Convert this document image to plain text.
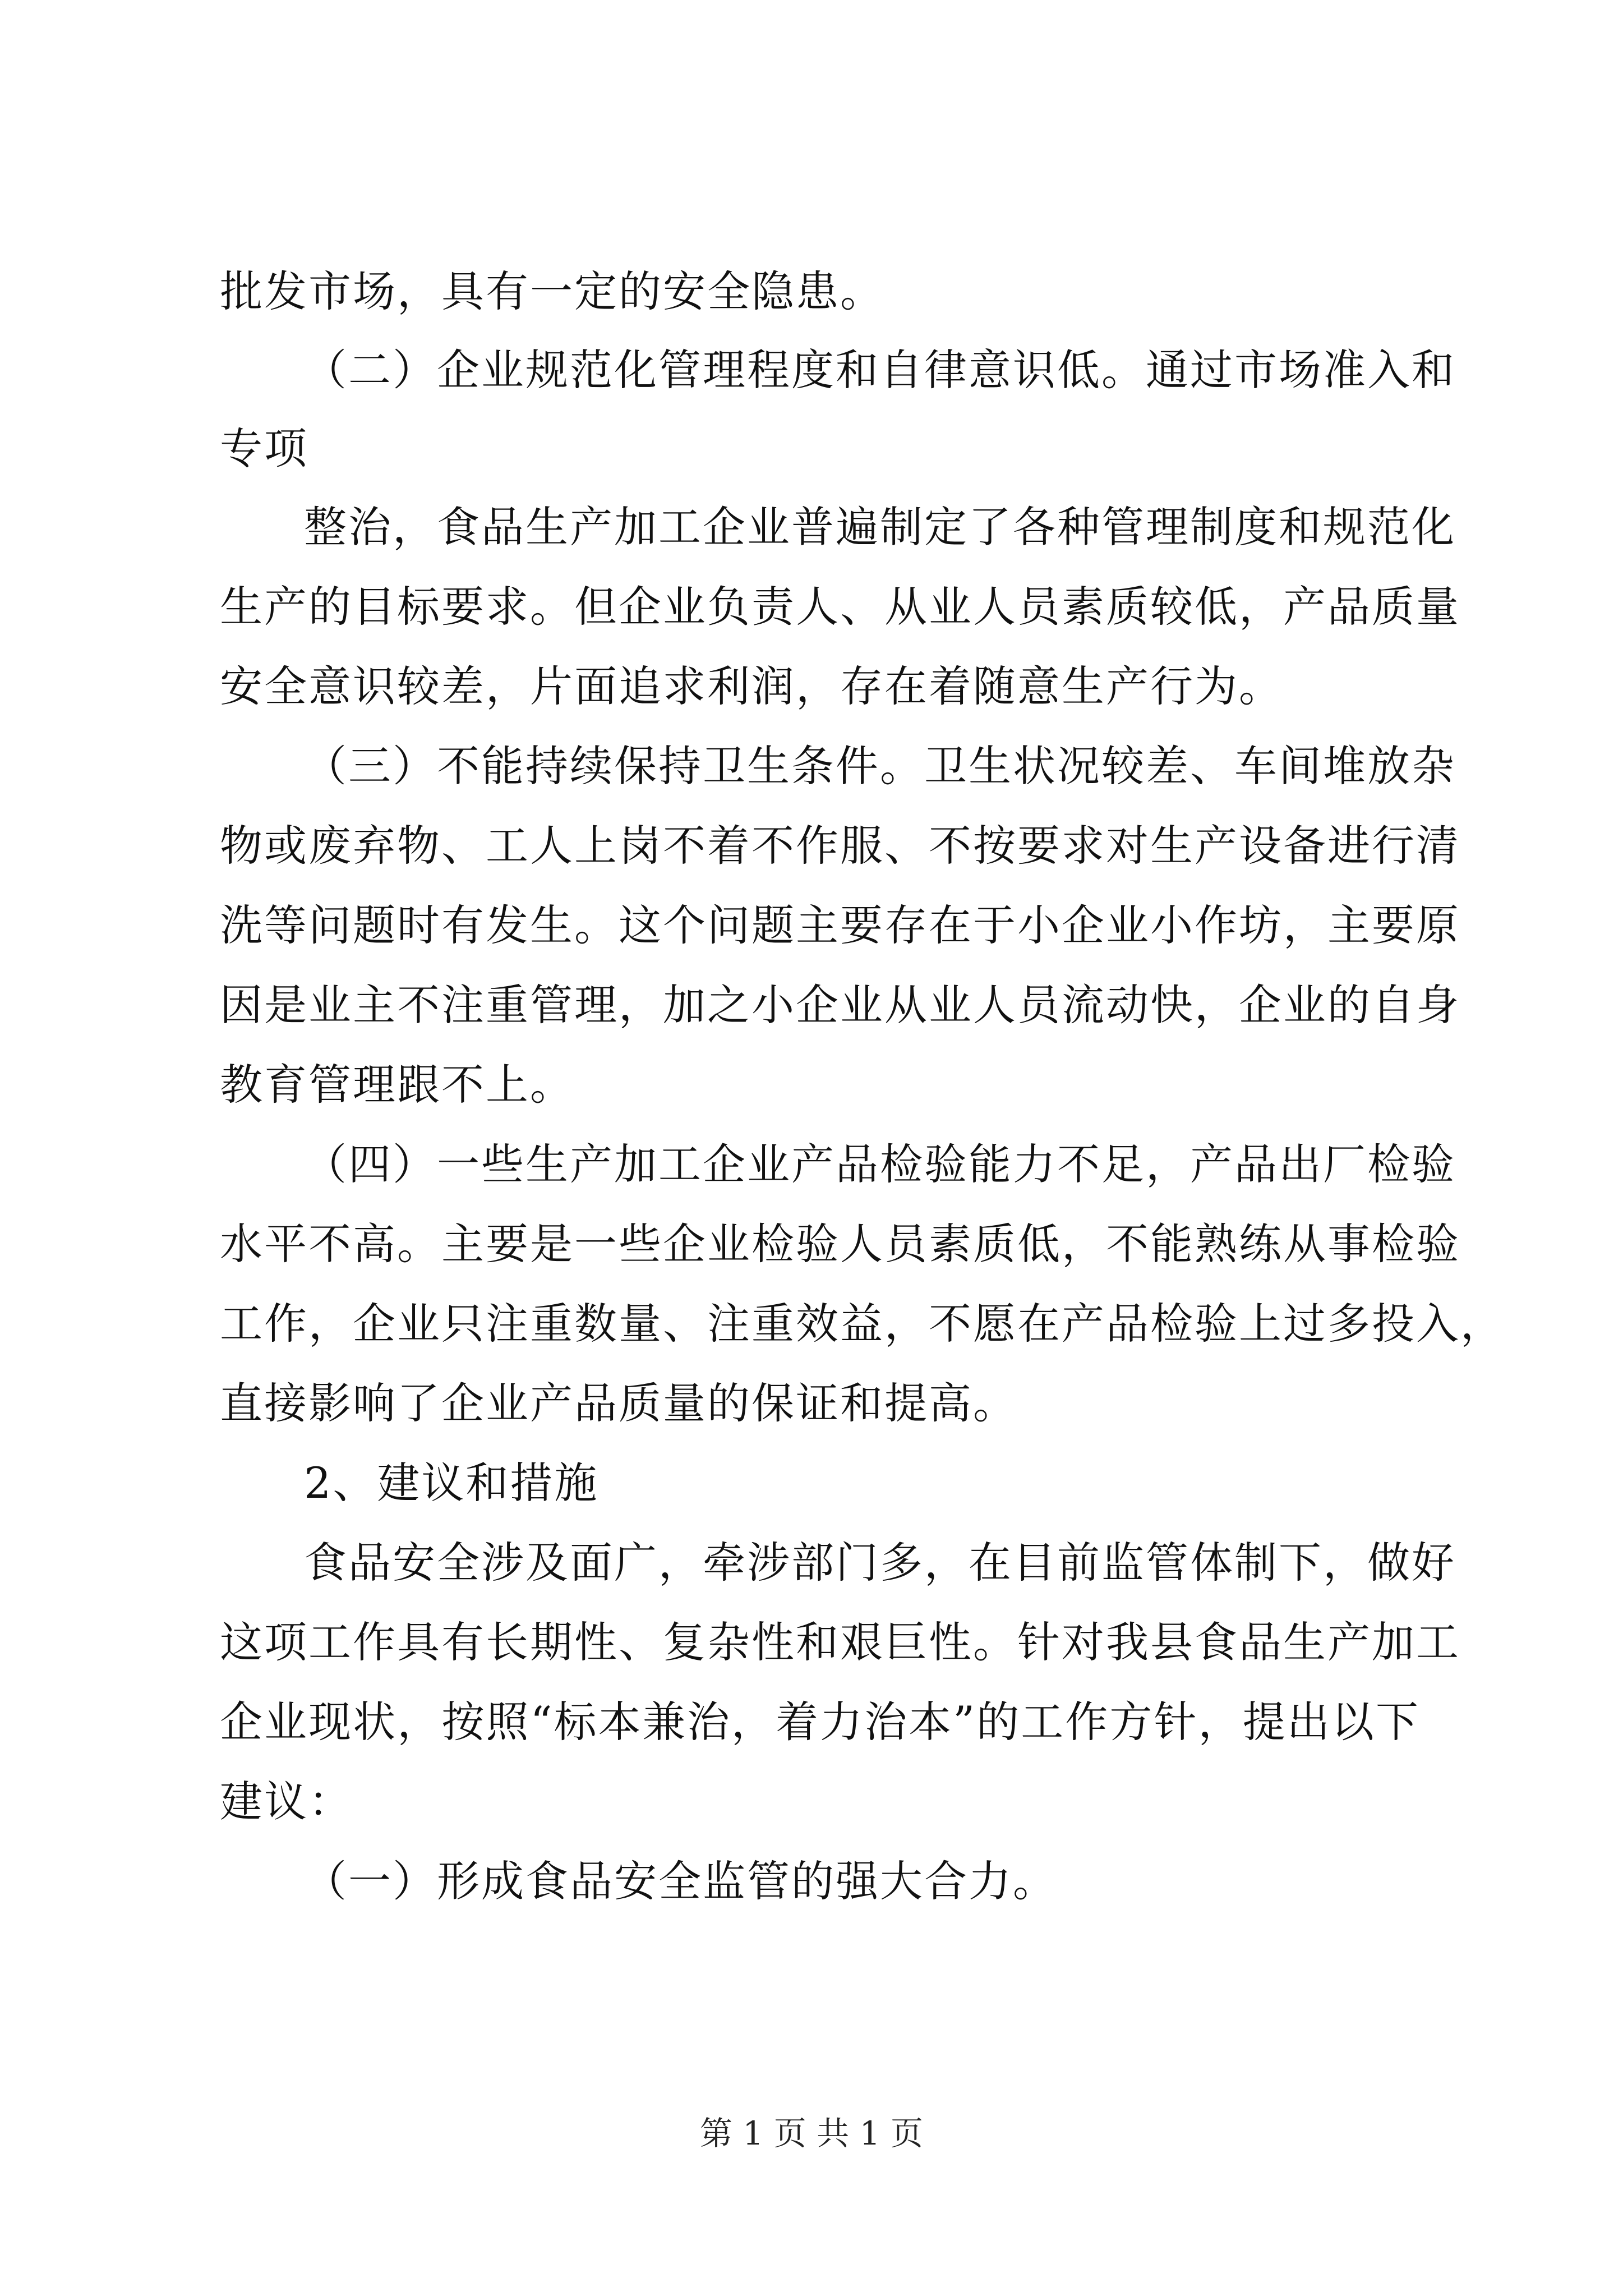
批发市场，具有一定的安全隐患。
（二）企业规范化管理程度和自律意识低。通过市场准入和
专项
整治，食品生产加工企业普遍制定了各种管理制度和规范化
生产的目标要求。但企业负责人、从业人员素质较低，产品质量
安全意识较差，片面追求利润，存在着随意生产行为。
（三）不能持续保持卫生条件。卫生状况较差、车间堆放杂
物或废弃物、工人上岗不着不作服、不按要求对生产设备进行清
洗等问题时有发生。这个问题主要存在于小企业小作坊，主要原
因是业主不注重管理，加之小企业从业人员流动快，企业的自身
教育管理跟不上。
（四）一些生产加工企业产品检验能力不足，产品出厂检验
水平不高。主要是一些企业检验人员素质低，不能熟练从事检验
工作，企业只注重数量、注重效益，不愿在产品检验上过多投入，
直接影响了企业产品质量的保证和提高。
2、建议和措施
食品安全涉及面广，牵涉部门多，在目前监管体制下，做好
这项工作具有长期性、复杂性和艰巨性。针对我县食品生产加工
企业现状，按照“标本兼治，着力治本”的工作方针，提出以下
建议：
（一）形成食品安全监管的强大合力。
第 1 页 共 1 页
